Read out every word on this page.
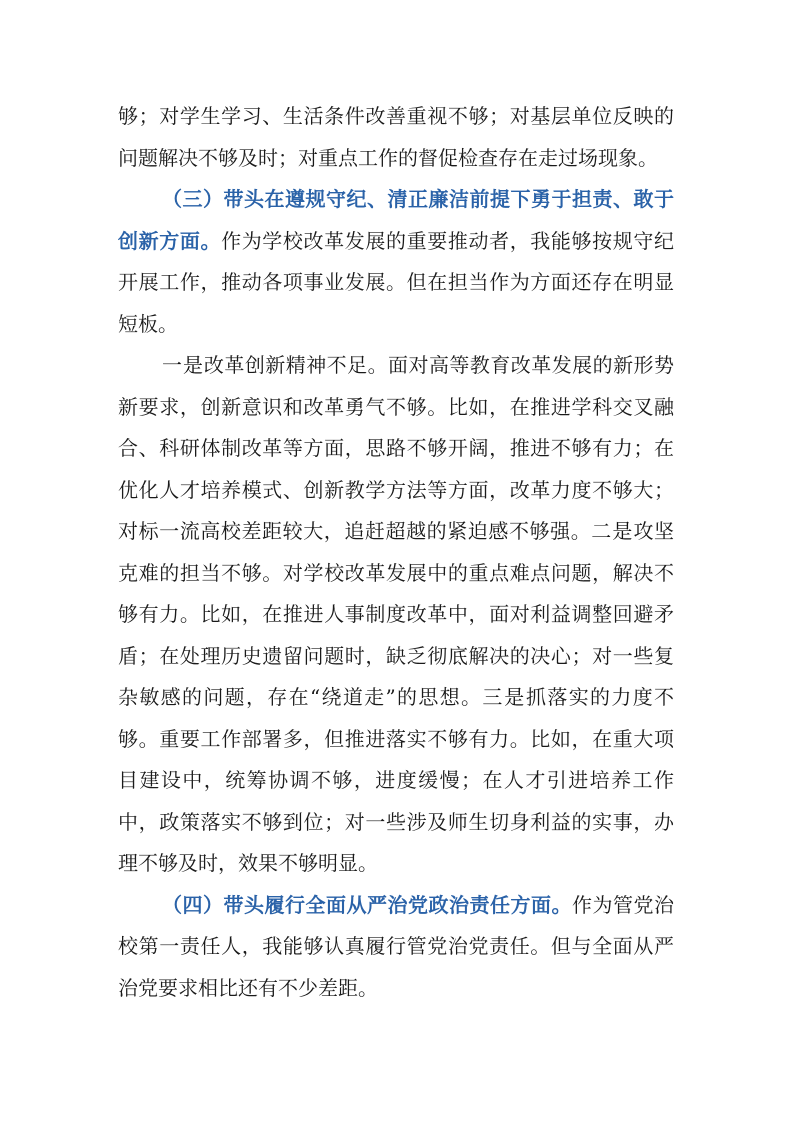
够；对学生学习、生活条件改善重视不够；对基层单位反映的问题解决不够及时；对重点工作的督促检查存在走过场现象。

（三）带头在遵规守纪、清正廉洁前提下勇于担责、敢于创新方面。作为学校改革发展的重要推动者，我能够按规守纪开展工作，推动各项事业发展。但在担当作为方面还存在明显短板。

一是改革创新精神不足。面对高等教育改革发展的新形势新要求，创新意识和改革勇气不够。比如，在推进学科交叉融合、科研体制改革等方面，思路不够开阔，推进不够有力；在优化人才培养模式、创新教学方法等方面，改革力度不够大；对标一流高校差距较大，追赶超越的紧迫感不够强。二是攻坚克难的担当不够。对学校改革发展中的重点难点问题，解决不够有力。比如，在推进人事制度改革中，面对利益调整回避矛盾；在处理历史遗留问题时，缺乏彻底解决的决心；对一些复杂敏感的问题，存在“绕道走”的思想。三是抓落实的力度不够。重要工作部署多，但推进落实不够有力。比如，在重大项目建设中，统筹协调不够，进度缓慢；在人才引进培养工作中，政策落实不够到位；对一些涉及师生切身利益的实事，办理不够及时，效果不够明显。

（四）带头履行全面从严治党政治责任方面。作为管党治校第一责任人，我能够认真履行管党治党责任。但与全面从严治党要求相比还有不少差距。
